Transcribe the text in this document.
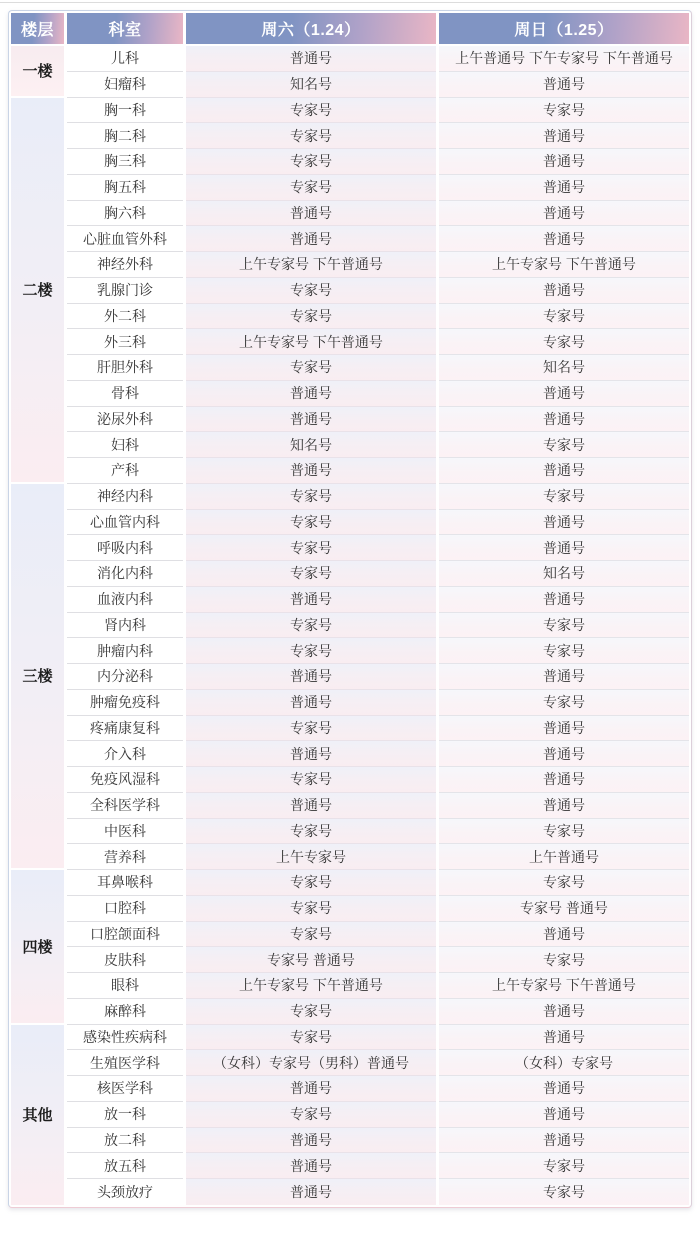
楼层	科室	周六（1.24）	周日（1.25）
一楼
儿科	普通号	上午普通号 下午专家号 下午普通号
妇瘤科	知名号	普通号
二楼
胸一科	专家号	专家号
胸二科	专家号	普通号
胸三科	专家号	普通号
胸五科	专家号	普通号
胸六科	普通号	普通号
心脏血管外科	普通号	普通号
神经外科	上午专家号 下午普通号	上午专家号 下午普通号
乳腺门诊	专家号	普通号
外二科	专家号	专家号
外三科	上午专家号 下午普通号	专家号
肝胆外科	专家号	知名号
骨科	普通号	普通号
泌尿外科	普通号	普通号
妇科	知名号	专家号
产科	普通号	普通号
三楼
神经内科	专家号	专家号
心血管内科	专家号	普通号
呼吸内科	专家号	普通号
消化内科	专家号	知名号
血液内科	普通号	普通号
肾内科	专家号	专家号
肿瘤内科	专家号	专家号
内分泌科	普通号	普通号
肿瘤免疫科	普通号	专家号
疼痛康复科	专家号	普通号
介入科	普通号	普通号
免疫风湿科	专家号	普通号
全科医学科	普通号	普通号
中医科	专家号	专家号
营养科	上午专家号	上午普通号
四楼
耳鼻喉科	专家号	专家号
口腔科	专家号	专家号 普通号
口腔颌面科	专家号	普通号
皮肤科	专家号 普通号	专家号
眼科	上午专家号 下午普通号	上午专家号 下午普通号
麻醉科	专家号	普通号
其他
感染性疾病科	专家号	普通号
生殖医学科	（女科）专家号（男科）普通号	（女科）专家号
核医学科	普通号	普通号
放一科	专家号	普通号
放二科	普通号	普通号
放五科	普通号	专家号
头颈放疗	普通号	专家号
